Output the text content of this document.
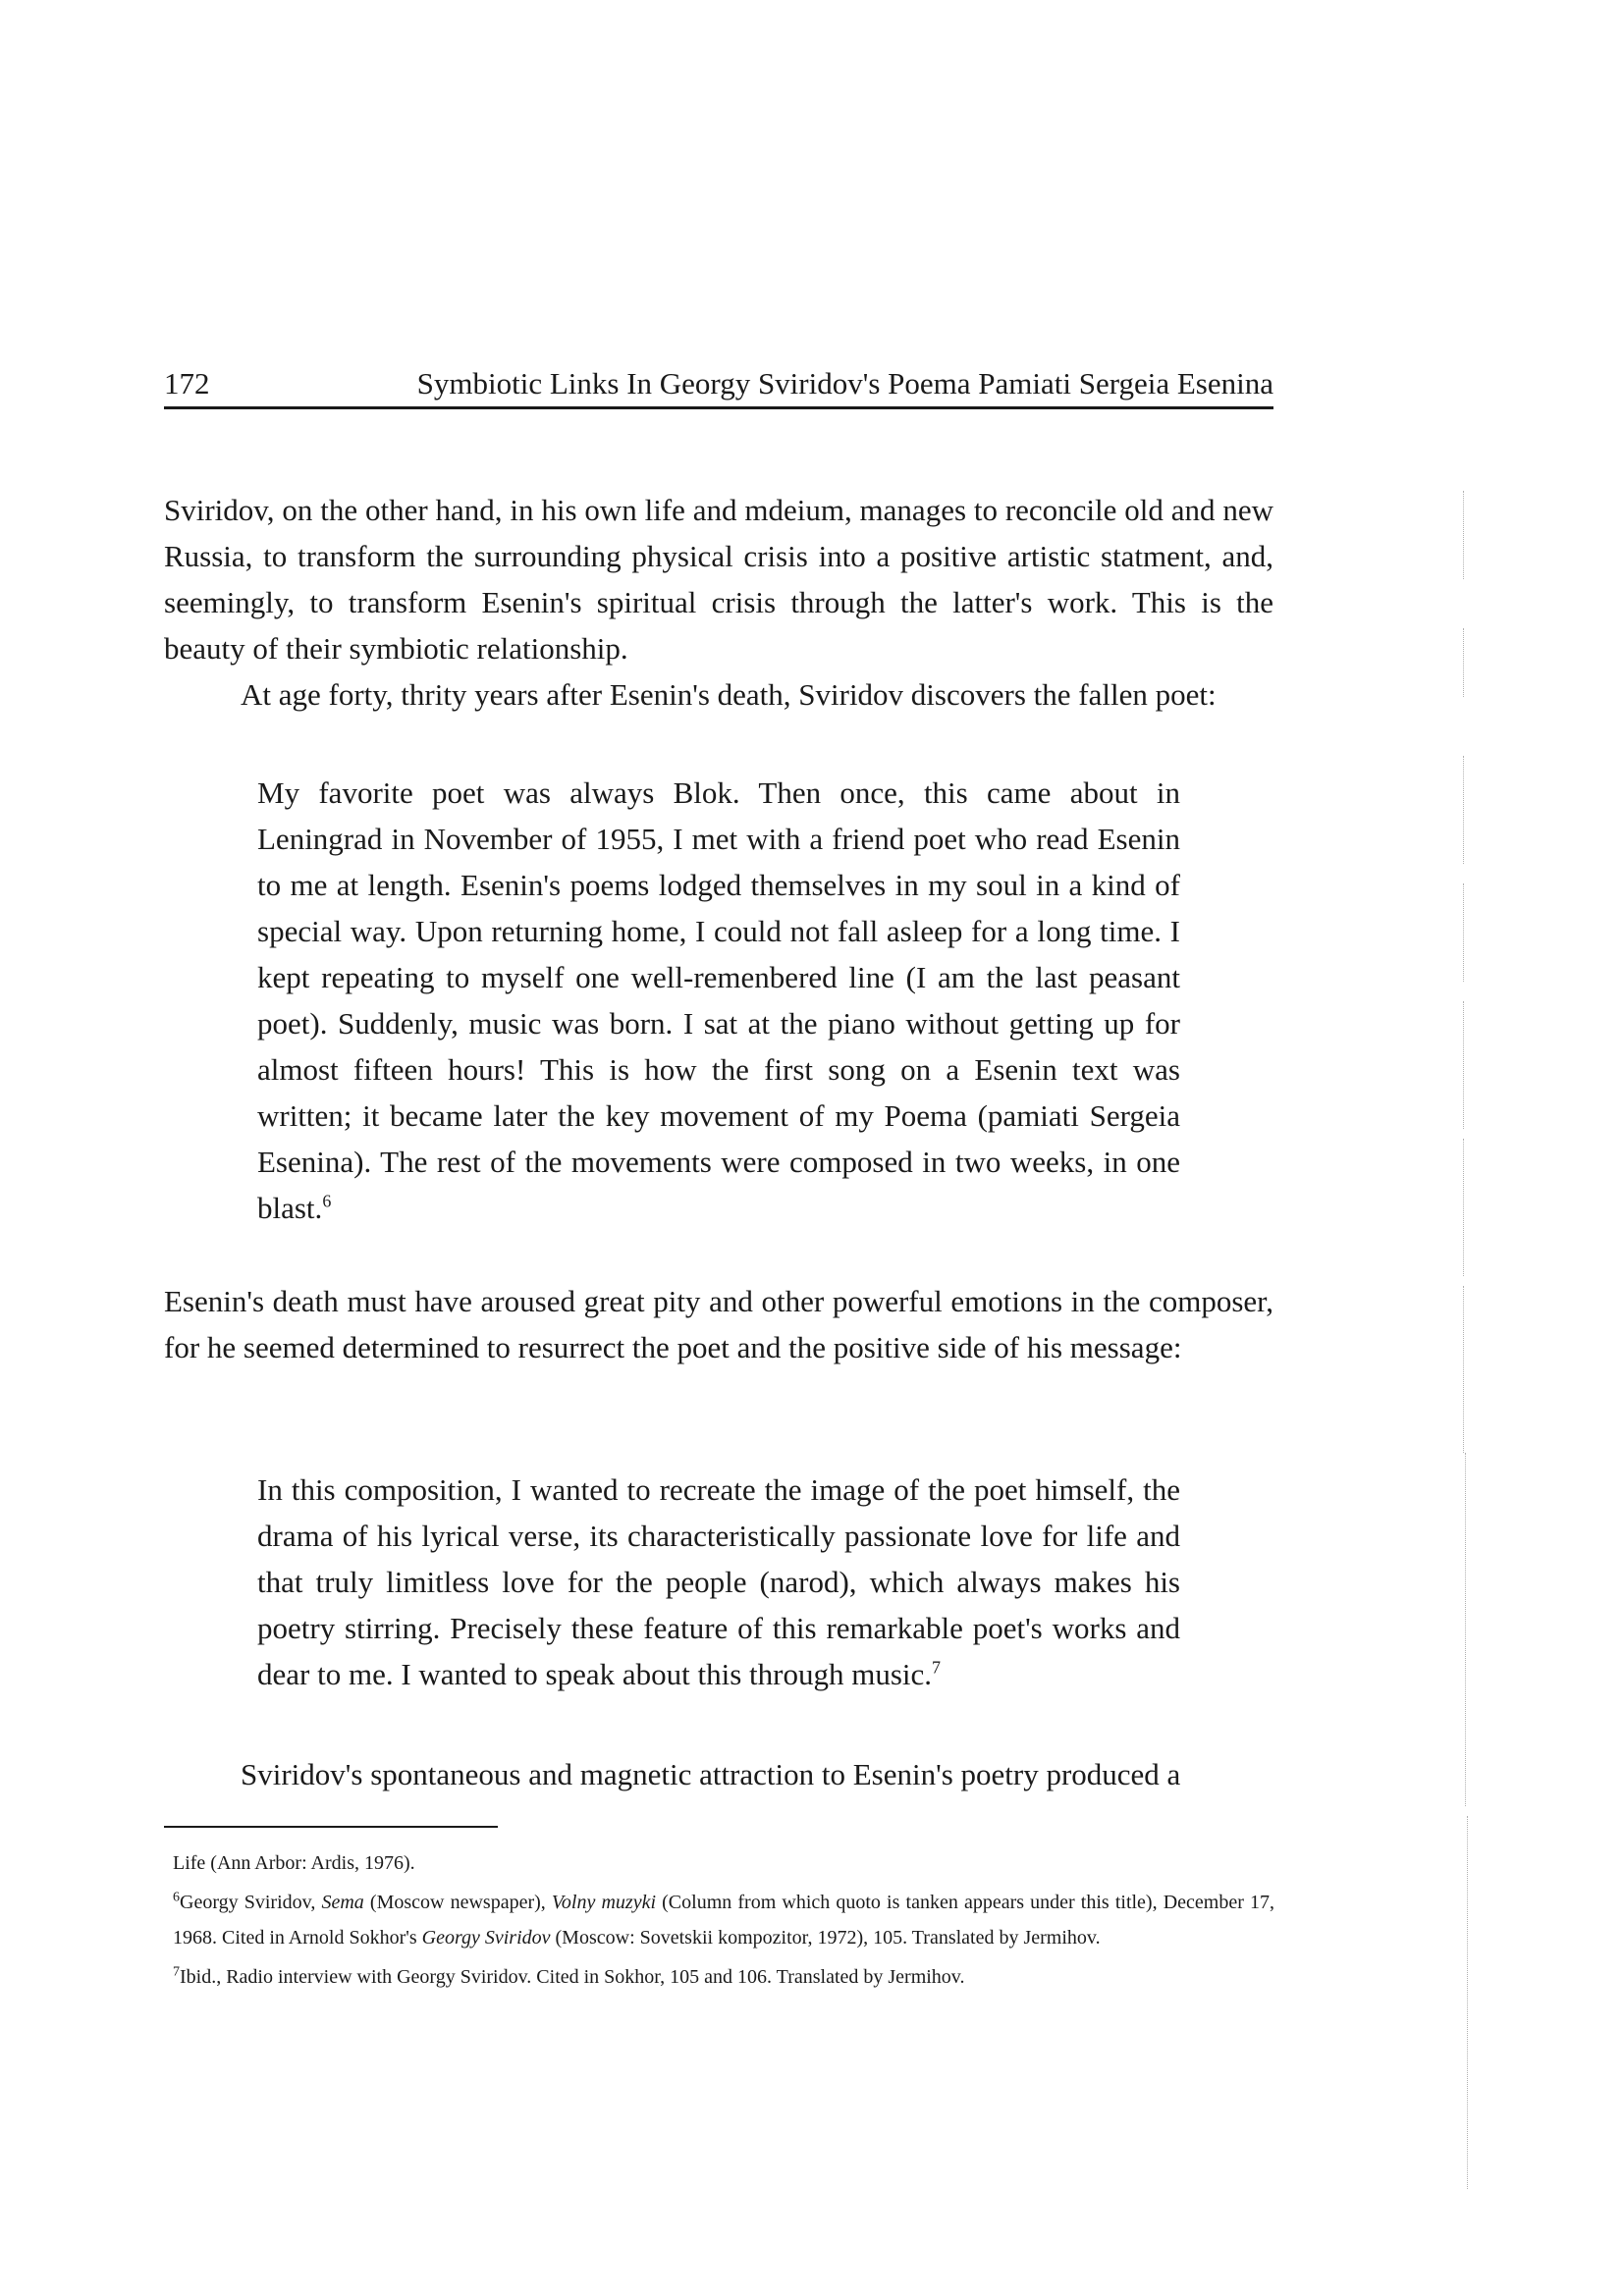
172	Symbiotic Links In Georgy Sviridov's Poema Pamiati Sergeia Esenina

Sviridov, on the other hand, in his own life and mdeium, manages to reconcile old and new Russia, to transform the surrounding physical crisis into a positive artistic statment, and, seemingly, to transform Esenin's spiritual crisis through the latter's work. This is the beauty of their symbiotic relationship.

At age forty, thrity years after Esenin's death, Sviridov discovers the fallen poet:

My favorite poet was always Blok. Then once, this came about in Leningrad in November of 1955, I met with a friend poet who read Esenin to me at length. Esenin's poems lodged themselves in my soul in a kind of special way. Upon returning home, I could not fall asleep for a long time. I kept repeating to myself one well-remenbered line (I am the last peasant poet). Suddenly, music was born. I sat at the piano without getting up for almost fifteen hours! This is how the first song on a Esenin text was written; it became later the key movement of my Poema (pamiati Sergeia Esenina). The rest of the movements were composed in two weeks, in one blast.$^6$

Esenin's death must have aroused great pity and other powerful emotions in the composer, for he seemed determined to resurrect the poet and the positive side of his message:

In this composition, I wanted to recreate the image of the poet himself, the drama of his lyrical verse, its characteristically passionate love for life and that truly limitless love for the people (narod), which always makes his poetry stirring. Precisely these feature of this remarkable poet's works and dear to me. I wanted to speak about this through music.$^7$

Sviridov's spontaneous and magnetic attraction to Esenin's poetry produced a

Life (Ann Arbor: Ardis, 1976).

$^6$Georgy Sviridov, Sema (Moscow newspaper), Volny muzyki (Column from which quoto is tanken appears under this title), December 17, 1968. Cited in Arnold Sokhor's Georgy Sviridov (Moscow: Sovetskii kompozitor, 1972), 105. Translated by Jermihov.

$^7$Ibid., Radio interview with Georgy Sviridov. Cited in Sokhor, 105 and 106. Translated by Jermihov.
